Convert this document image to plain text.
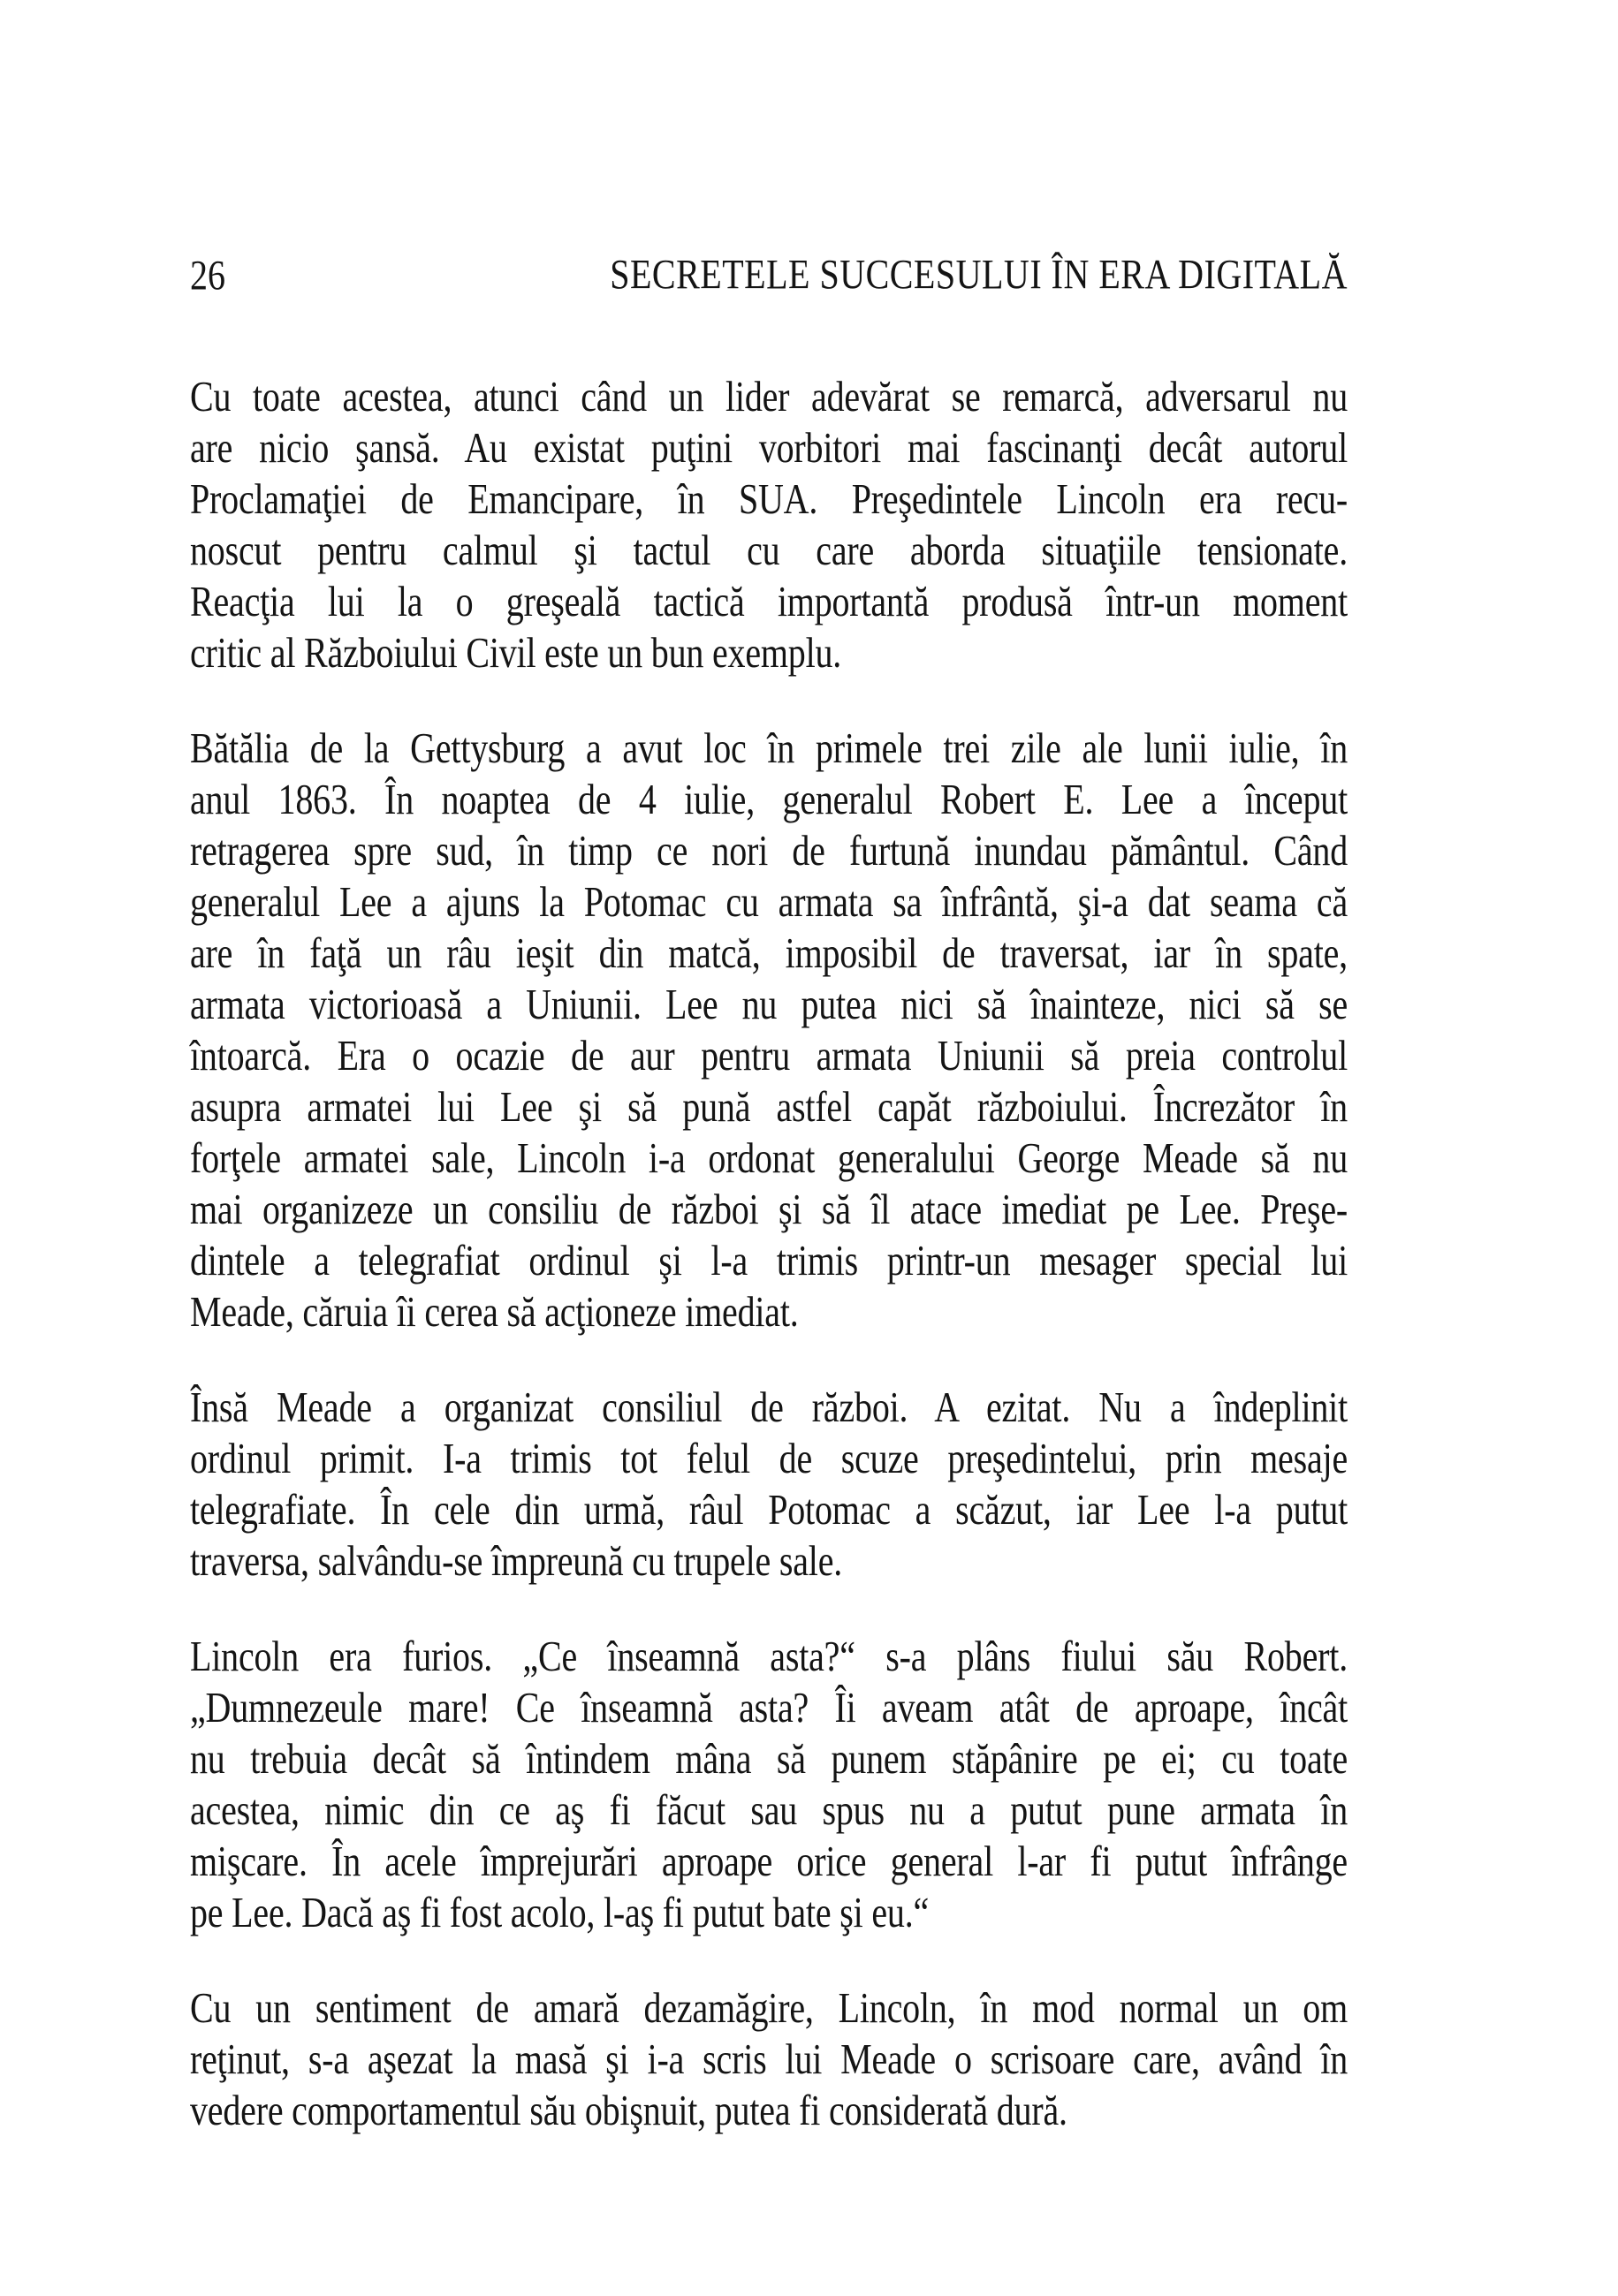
26	SECRETELE SUCCESULUI ÎN ERA DIGITALĂ

Cu toate acestea, atunci când un lider adevărat se remarcă, adversarul nu
are nicio şansă. Au existat puţini vorbitori mai fascinanţi decât autorul
Proclamaţiei de Emancipare, în SUA. Preşedintele Lincoln era recu-
noscut pentru calmul şi tactul cu care aborda situaţiile tensionate.
Reacţia lui la o greşeală tactică importantă produsă într-un moment
critic al Războiului Civil este un bun exemplu.

Bătălia de la Gettysburg a avut loc în primele trei zile ale lunii iulie, în
anul 1863. În noaptea de 4 iulie, generalul Robert E. Lee a început
retragerea spre sud, în timp ce nori de furtună inundau pământul. Când
generalul Lee a ajuns la Potomac cu armata sa înfrântă, şi-a dat seama că
are în faţă un râu ieşit din matcă, imposibil de traversat, iar în spate,
armata victorioasă a Uniunii. Lee nu putea nici să înainteze, nici să se
întoarcă. Era o ocazie de aur pentru armata Uniunii să preia controlul
asupra armatei lui Lee şi să pună astfel capăt războiului. Încrezător în
forţele armatei sale, Lincoln i-a ordonat generalului George Meade să nu
mai organizeze un consiliu de război şi să îl atace imediat pe Lee. Preşe-
dintele a telegrafiat ordinul şi l-a trimis printr-un mesager special lui
Meade, căruia îi cerea să acţioneze imediat.

Însă Meade a organizat consiliul de război. A ezitat. Nu a îndeplinit
ordinul primit. I-a trimis tot felul de scuze preşedintelui, prin mesaje
telegrafiate. În cele din urmă, râul Potomac a scăzut, iar Lee l-a putut
traversa, salvându-se împreună cu trupele sale.

Lincoln era furios. „Ce înseamnă asta?“ s-a plâns fiului său Robert.
„Dumnezeule mare! Ce înseamnă asta? Îi aveam atât de aproape, încât
nu trebuia decât să întindem mâna să punem stăpânire pe ei; cu toate
acestea, nimic din ce aş fi făcut sau spus nu a putut pune armata în
mişcare. În acele împrejurări aproape orice general l-ar fi putut înfrânge
pe Lee. Dacă aş fi fost acolo, l-aş fi putut bate şi eu.“

Cu un sentiment de amară dezamăgire, Lincoln, în mod normal un om
reţinut, s-a aşezat la masă şi i-a scris lui Meade o scrisoare care, având în
vedere comportamentul său obişnuit, putea fi considerată dură.
